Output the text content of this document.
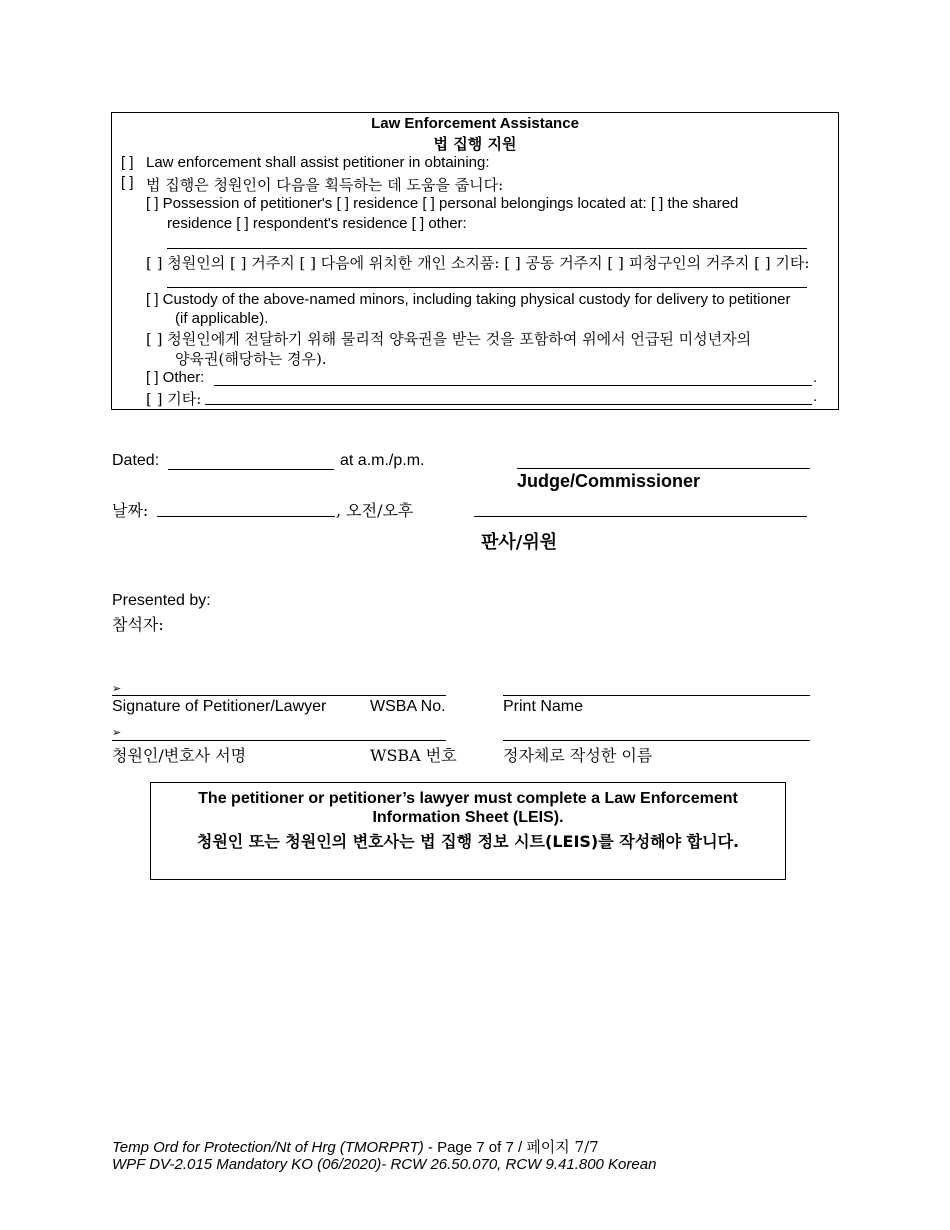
Law Enforcement Assistance
법 집행 지원
[ ] Law enforcement shall assist petitioner in obtaining:
[ ] 법 집행은 청원인이 다음을 획득하는 데 도움을 줍니다:
[ ] Possession of petitioner's [ ] residence [ ] personal belongings located at: [ ] the shared
residence [ ] respondent's residence [ ] other:
[ ] 청원인의 [ ] 거주지 [ ] 다음에 위치한 개인 소지품: [ ] 공동 거주지 [ ] 피청구인의 거주지 [ ] 기타:
[ ] Custody of the above-named minors, including taking physical custody for delivery to petitioner
(if applicable).
[ ] 청원인에게 전달하기 위해 물리적 양육권을 받는 것을 포함하여 위에서 언급된 미성년자의
양육권(해당하는 경우).
[ ] Other:	.
[ ] 기타:	.
Dated:	at a.m./p.m.
Judge/Commissioner
날짜:	, 오전/오후
판사/위원
Presented by:
참석자:
➢
Signature of Petitioner/Lawyer	WSBA No.	Print Name
➢
청원인/변호사 서명	WSBA 번호	정자체로 작성한 이름
The petitioner or petitioner’s lawyer must complete a Law Enforcement
Information Sheet (LEIS).
청원인 또는 청원인의 변호사는 법 집행 정보 시트(LEIS)를 작성해야 합니다.
Temp Ord for Protection/Nt of Hrg (TMORPRT) - Page 7 of 7 / 페이지 7/7
WPF DV-2.015 Mandatory KO (06/2020)- RCW 26.50.070, RCW 9.41.800 Korean
